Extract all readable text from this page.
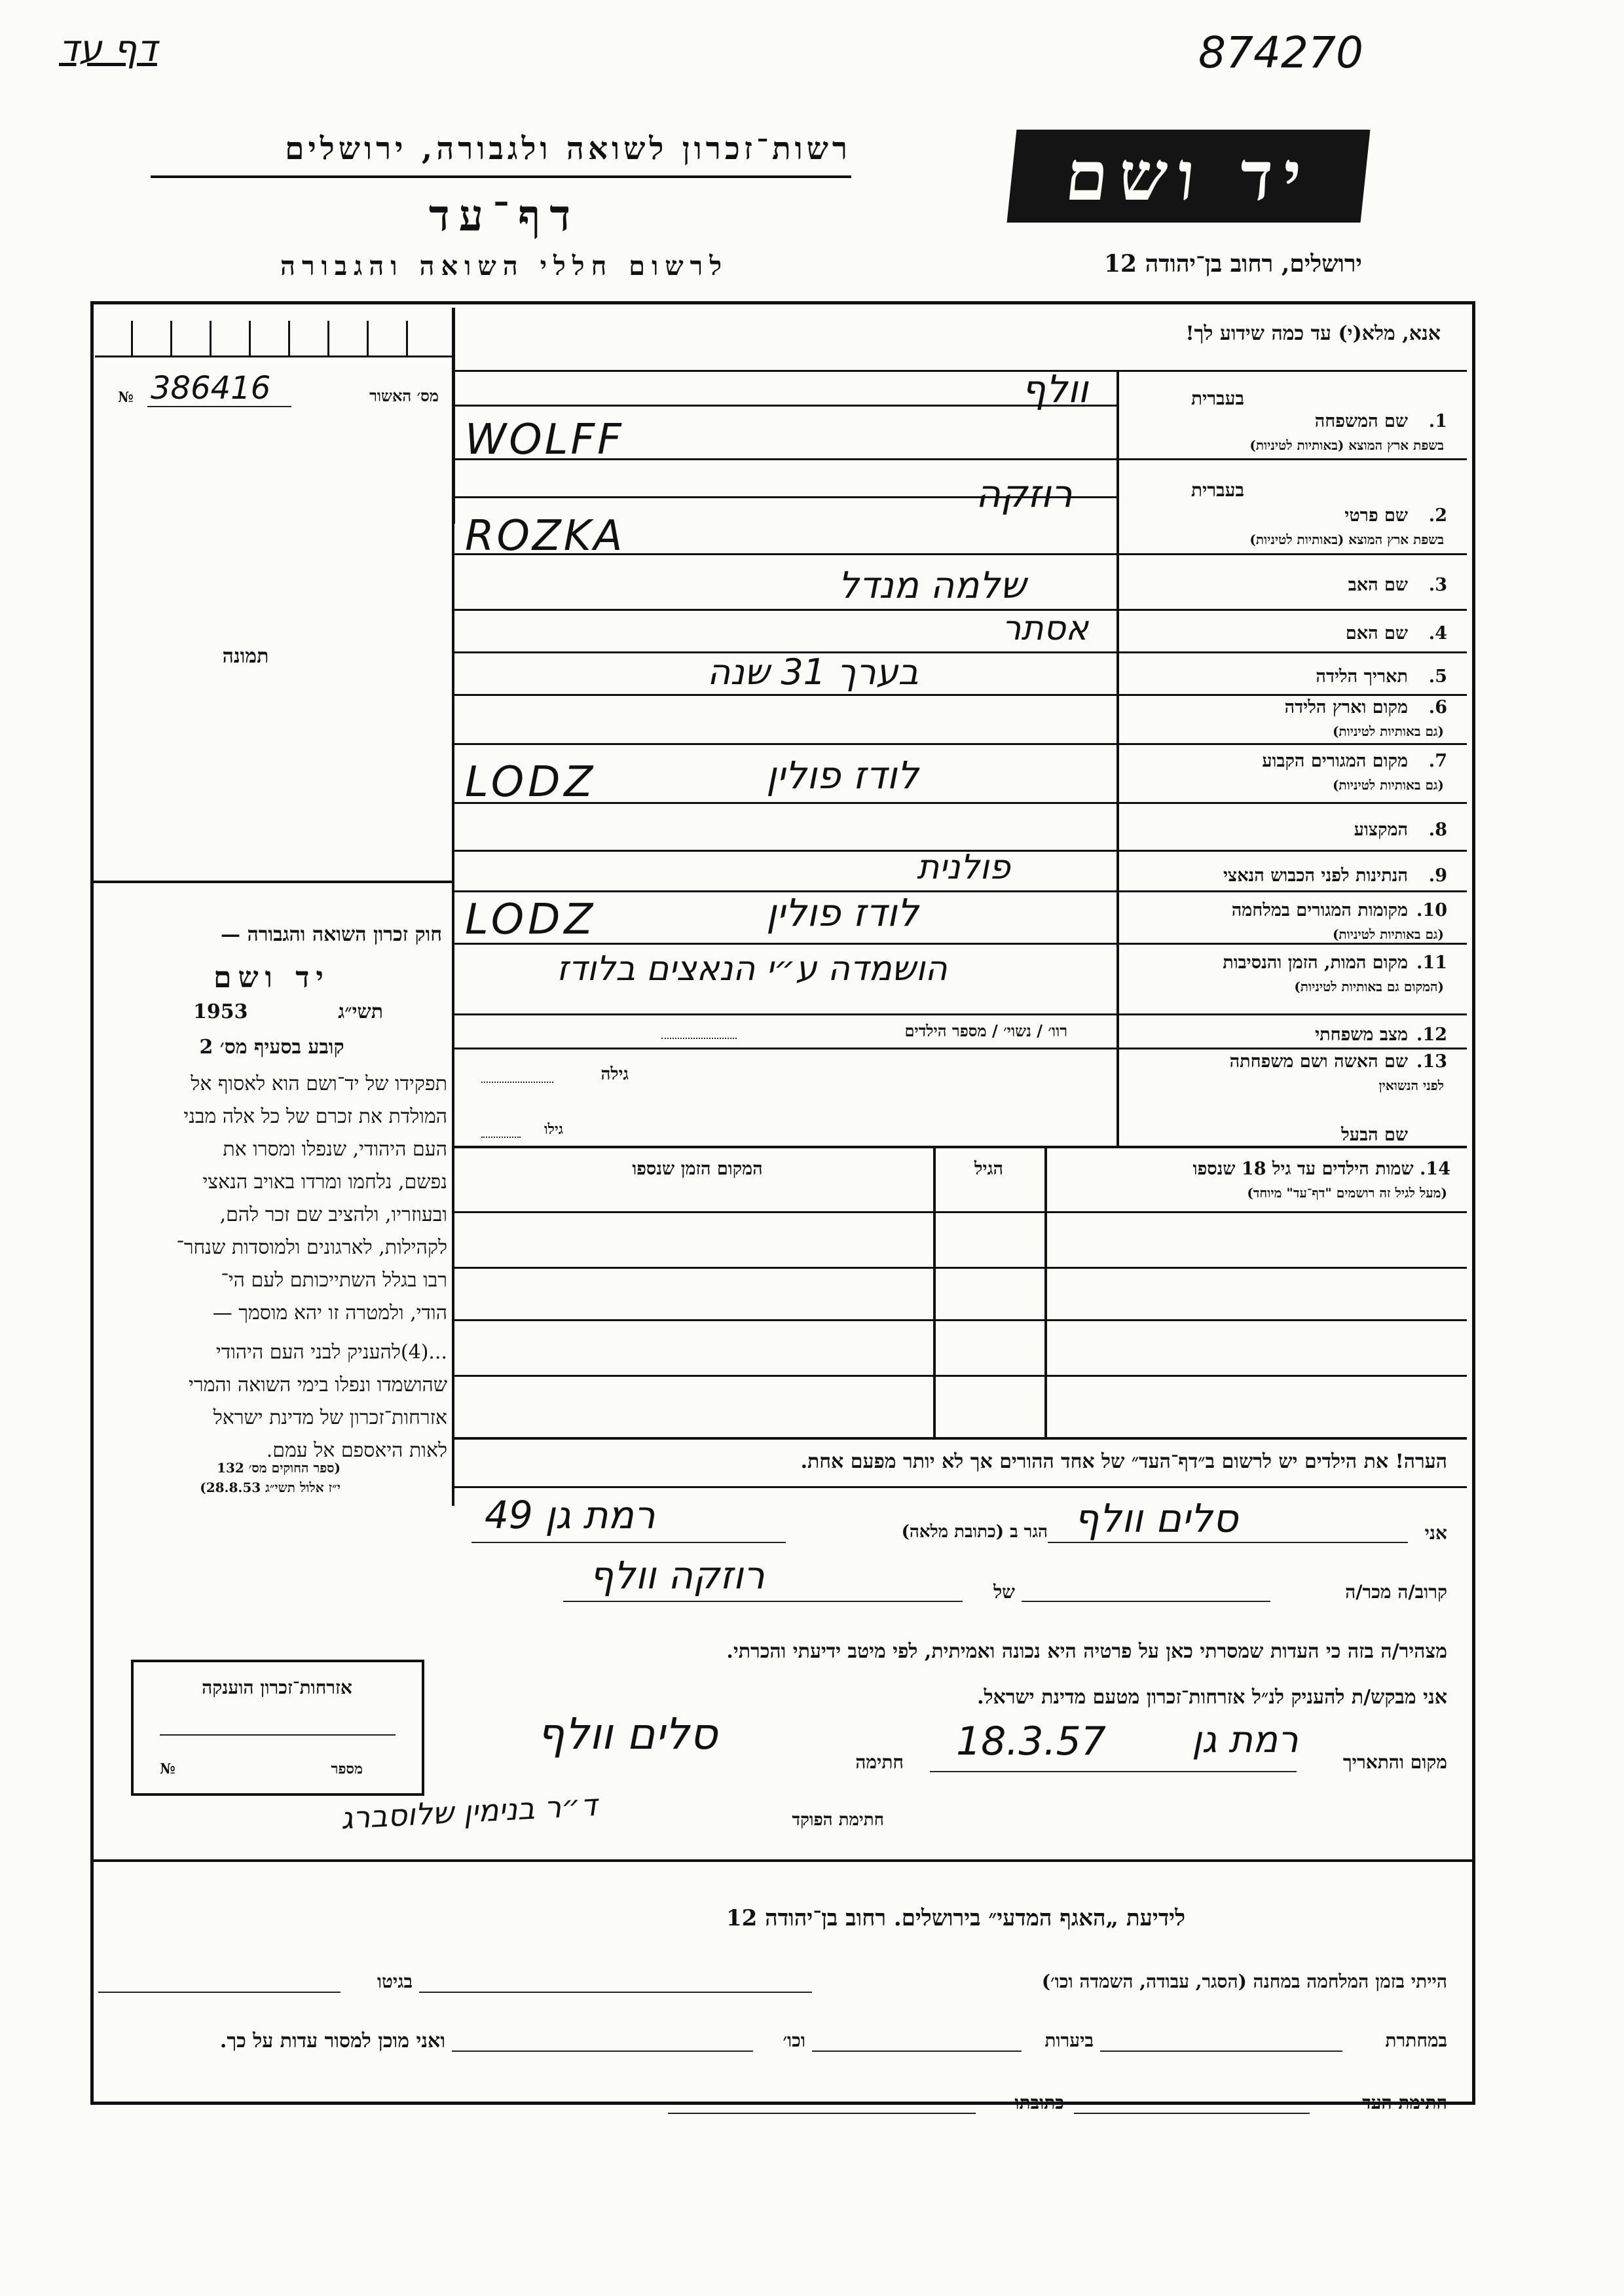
דף עד	874270
רשות־זכרון לשואה ולגבורה, ירושלים
דף־עד
לרשום חללי השואה והגבורה
יד ושם
ירושלים, רחוב בן־יהודה 12
אנא, מלא(י) עד כמה שידוע לך!
מס׳ האשור
386416
№
תמונה
חוק זכרון השואה והגבורה —
יד ושם
תשי״ג
1953
קובע בסעיף מס׳ 2
תפקידו של יד־ושם הוא לאסוף אל
המולדת את זכרם של כל אלה מבני
העם היהודי, שנפלו ומסרו את
נפשם, נלחמו ומרדו באויב הנאצי
ובעוזריו, ולהציב שם זכר להם,
לקהילות, לארגונים ולמוסדות שנחר־
רבו בגלל השתייכותם לעם הי־
הודי, ולמטרה זו יהא מוסמך —
...(4)להעניק לבני העם היהודי
שהושמדו ונפלו בימי השואה והמרי
אזרחות־זכרון של מדינת ישראל
לאות היאספם אל עמם.
(ספר החוקים מס׳ 132
י״ז אלול תשי״ג 28.8.53)
בעברית
1.
שם המשפחה
בשפת ארץ המוצא (באותיות לטיניות)
בעברית
2.
שם פרטי
בשפת ארץ המוצא (באותיות לטיניות)
3.
שם האב
4.
שם האם
5.
תאריך הלידה
6.
מקום וארץ הלידה
(גם באותיות לטיניות)
7.
מקום המגורים הקבוע
(גם באותיות לטיניות)
8.
המקצוע
9.
הנתינות לפני הכבוש הנאצי
10.
מקומות המגורים במלחמה
(גם באותיות לטיניות)
11.
מקום המות, הזמן והנסיבות
(המקום גם באותיות לטיניות)
12.
מצב משפחתי
13.
שם האשה ושם משפחתה
לפני הנשואין
שם הבעל
וולף
WOLFF
רוזקה
ROZKA
שלמה מנדל
אסתר
בערך 31 שנה
לודז פולין
LODZ
פולנית
לודז פולין
LODZ
הושמדה ע״י הנאצים בלודז
רוו׳ / נשוי׳ / מספר הילדים
גילה
גילו
14. שמות הילדים עד גיל 18 שנספו
(מעל לגיל זה רושמים "דף־עד" מיוחד)
הגיל
המקום הזמן שנספו
הערה! את הילדים יש לרשום ב״דף־העד״ של אחד ההורים אך לא יותר מפעם אחת.
אני
סלים וולף
הגר ב (כתובת מלאה)
רמת גן 49
קרוב/ה מכר/ה
של
רוזקה וולף
מצהיר/ה בזה כי העדות שמסרתי כאן על פרטיה היא נכונה ואמיתית, לפי מיטב ידיעתי והכרתי.
אני מבקש/ת להעניק לנ״ל אזרחות־זכרון מטעם מדינת ישראל.
מקום והתאריך
רמת גן
18.3.57
חתימה
סלים וולף
חתימת הפוקד
ד״ר בנימין שלוסברג
אזרחות־זכרון הוענקה
מספר
№
לידיעת „האגף המדעי״ בירושלים. רחוב בן־יהודה 12
הייתי בזמן המלחמה במחנה (הסגר, עבודה, השמדה וכו׳)
בגיטו
במחתרת
ביערות
וכו׳
ואני מוכן למסור עדות על כך.
חתימת העד
כתובתו
